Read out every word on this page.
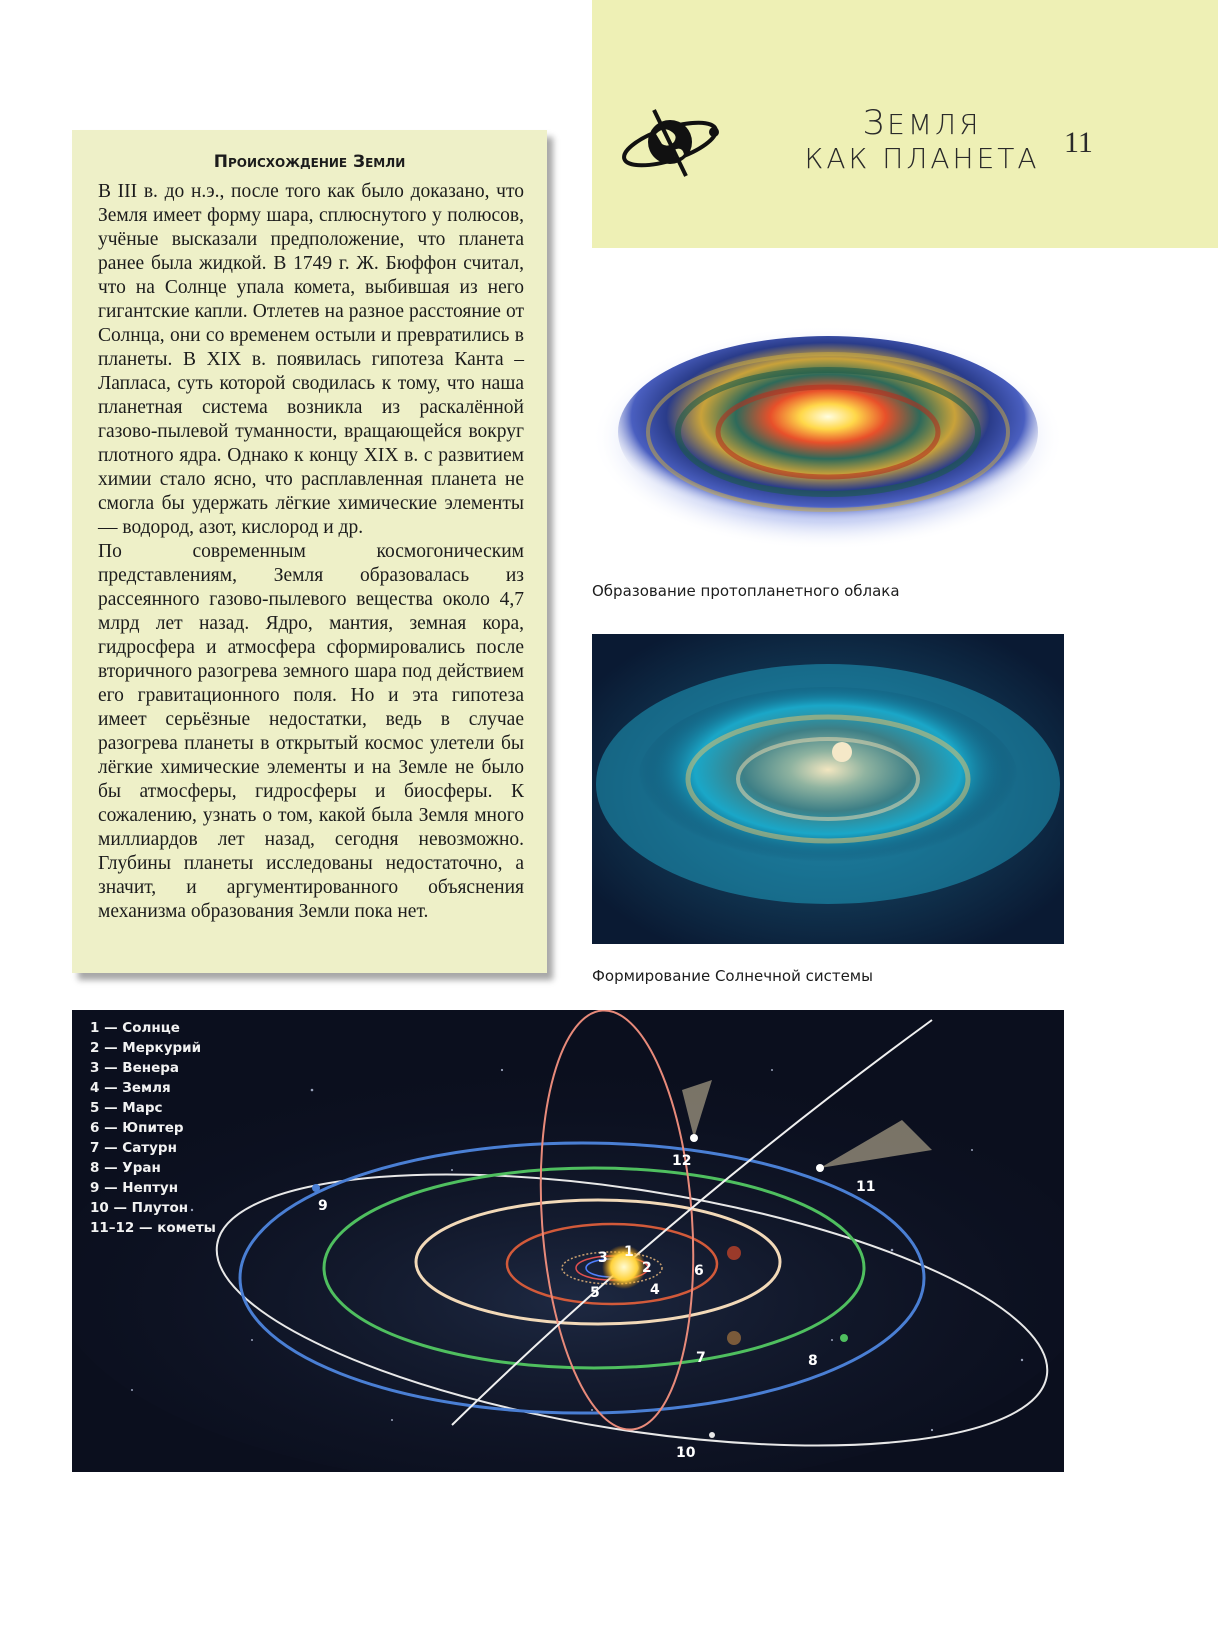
ЗЕМЛЯ
КАК ПЛАНЕТА 11
Происхождение Земли

В III в. до н.э., после того как было доказано, что Земля имеет форму шара, сплюснутого у полюсов, учёные высказали предположение, что планета ранее была жидкой. В 1749 г. Ж. Бюффон считал, что на Солнце упала комета, выбившая из него гигантские капли. Отлетев на разное расстояние от Солнца, они со временем остыли и превратились в планеты. В XIX в. появилась гипотеза Канта – Лапласа, суть которой сводилась к тому, что наша планетная система возникла из раскалённой газово-пылевой туманности, вращающейся вокруг плотного ядра. Однако к концу XIX в. с развитием химии стало ясно, что расплавленная планета не смогла бы удержать лёгкие химические элементы — водород, азот, кислород и др.

По современным космогоническим представлениям, Земля образовалась из рассеянного газово-пылевого вещества около 4,7 млрд лет назад. Ядро, мантия, земная кора, гидросфера и атмосфера сформировались после вторичного разогрева земного шара под действием его гравитационного поля. Но и эта гипотеза имеет серьёзные недостатки, ведь в случае разогрева планеты в открытый космос улетели бы лёгкие химические элементы и на Земле не было бы атмосферы, гидросферы и биосферы. К сожалению, узнать о том, какой была Земля много миллиардов лет назад, сегодня невозможно. Глубины планеты исследованы недостаточно, а значит, и аргументированного объяснения механизма образования Земли пока нет.

Образование протопланетного облака
Формирование Солнечной системы
1
2
3
4
5
6
7	8
9
10
11
12
1 — Солнце
2 — Меркурий
3 — Венера
4 — Земля
5 — Марс
6 — Юпитер
7 — Сатурн
8 — Уран
9 — Нептун
10 — Плутон
11–12 — кометы
